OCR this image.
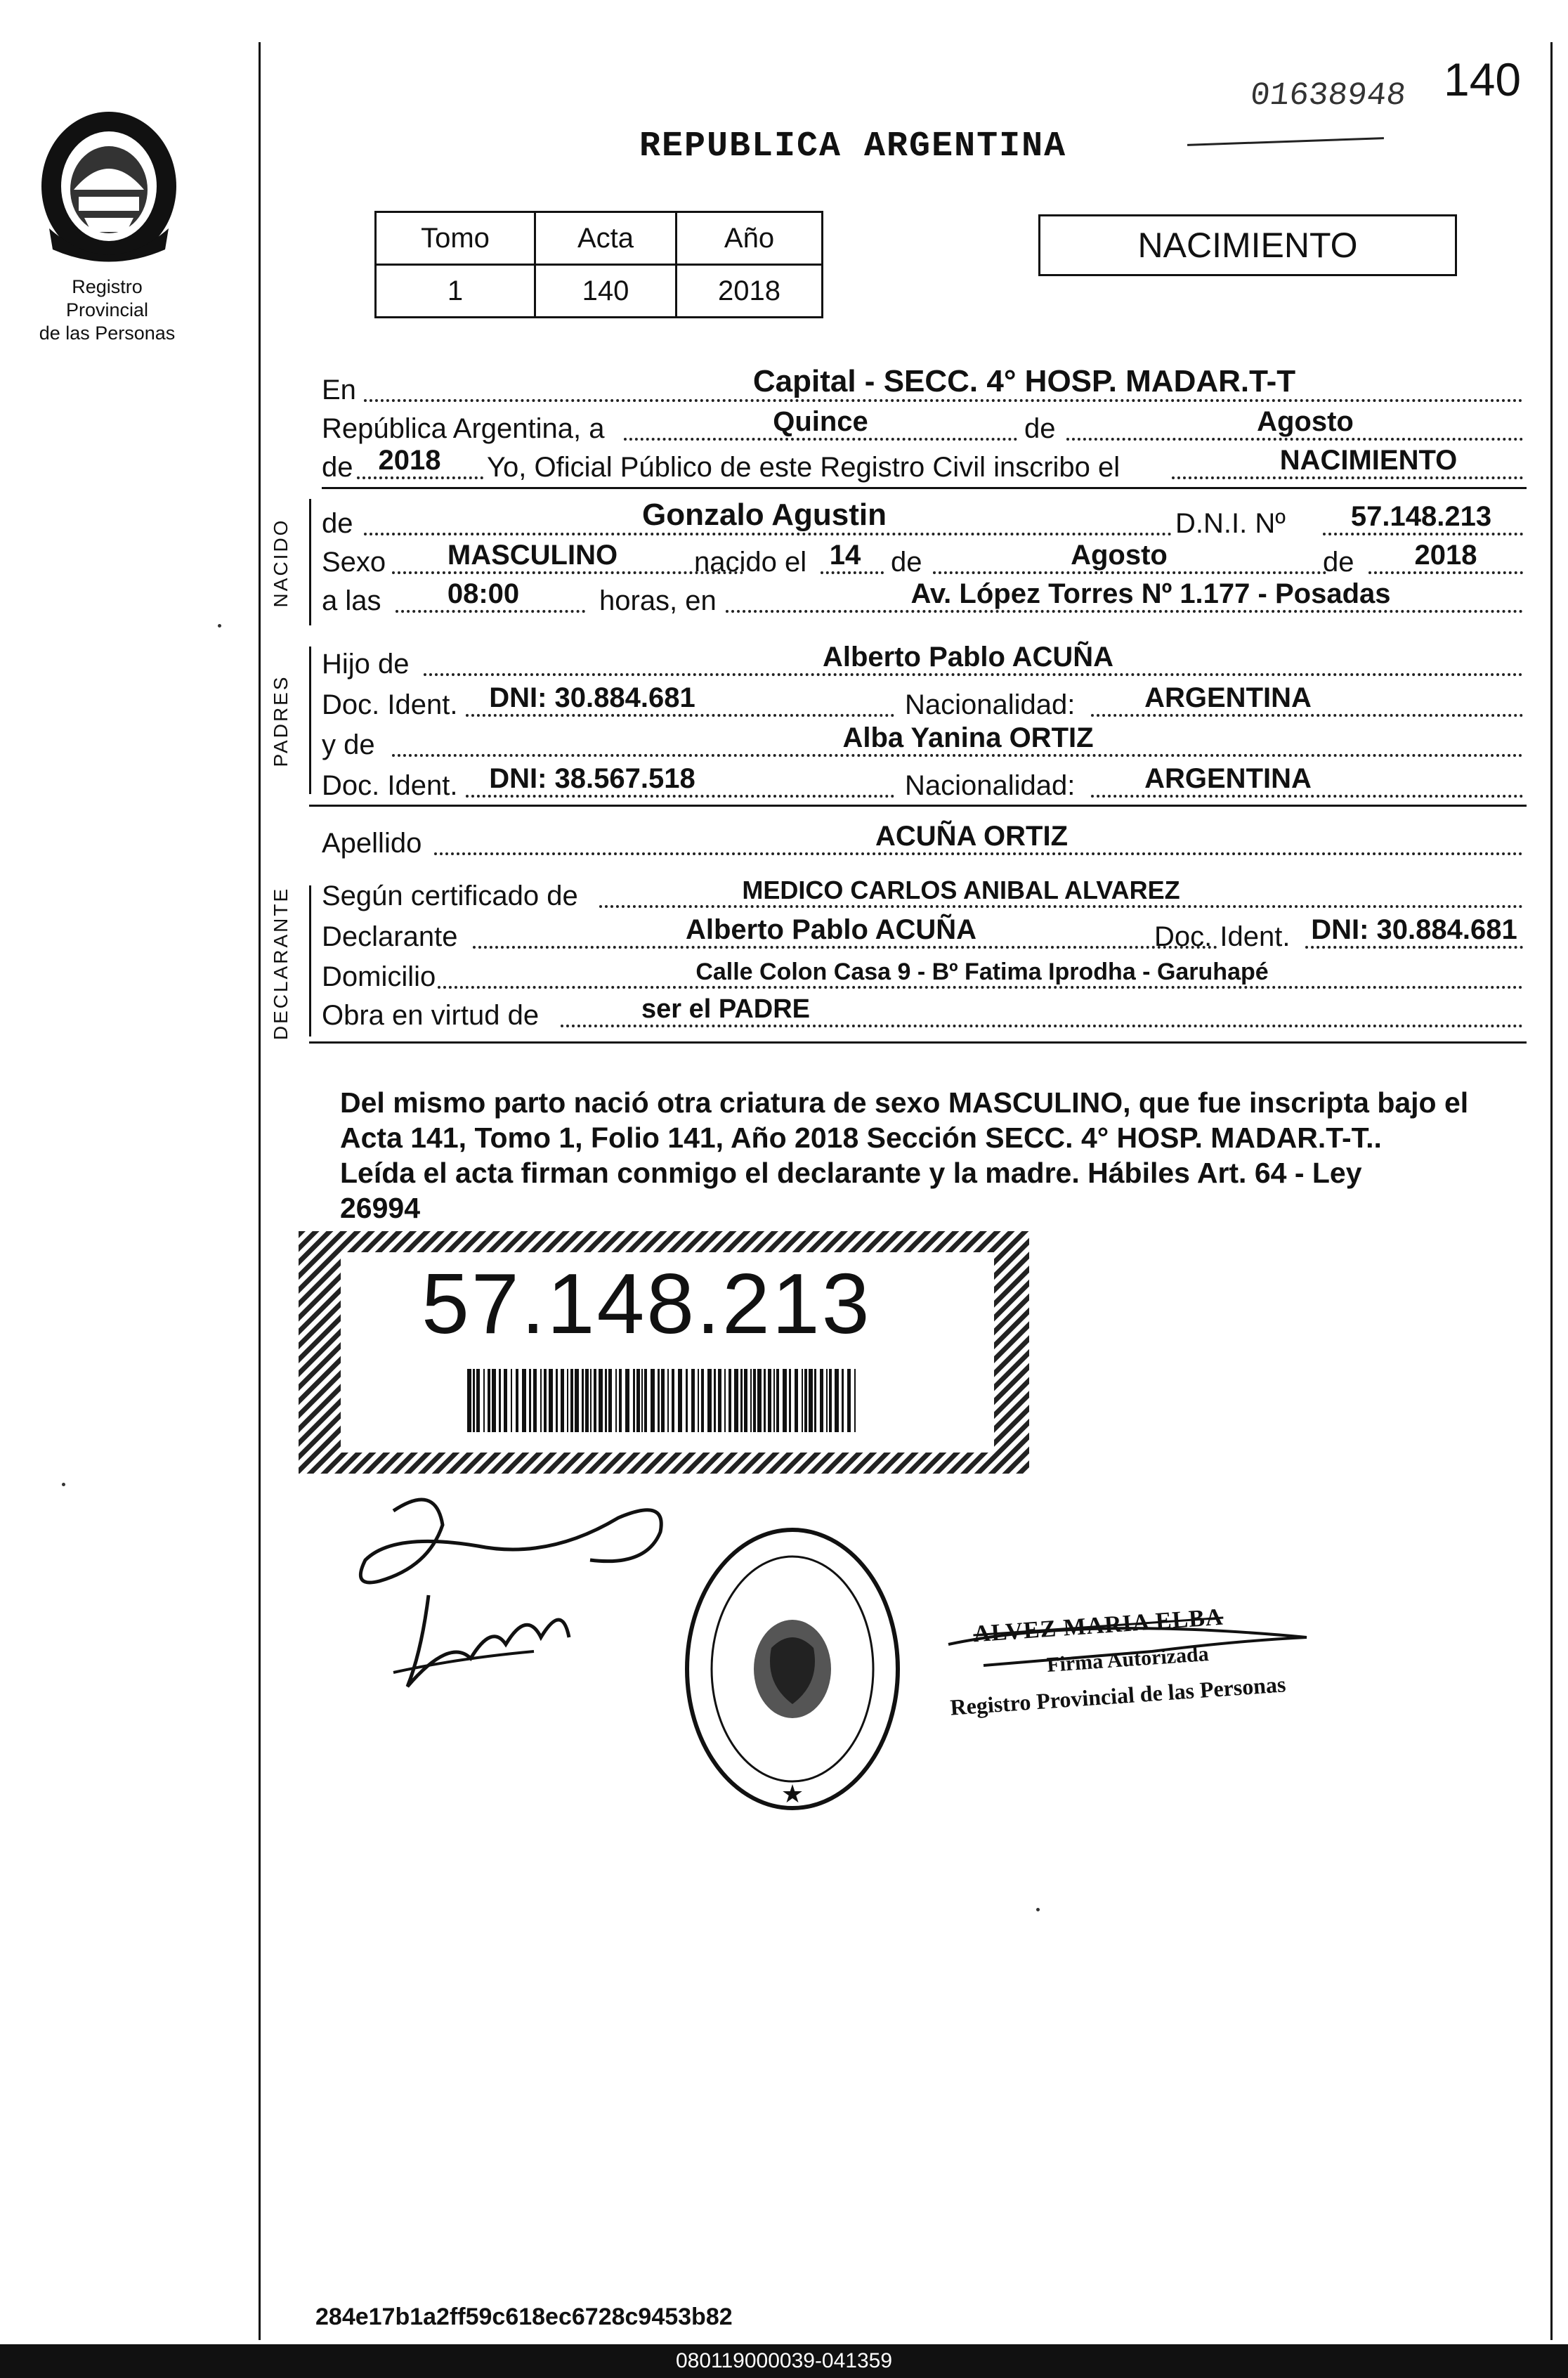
Registro Provincial
de las Personas
REPUBLICA ARGENTINA
140
01638948
Tomo	Acta	Año
1	140	2018
NACIMIENTO
En	Capital - SECC. 4° HOSP. MADAR.T-T
República Argentina, a	Quince	de	Agosto
de 2018	Yo, Oficial Público de este Registro Civil inscribo el	NACIMIENTO
NACIDO de	Gonzalo Agustin	D.N.I. Nº	57.148.213
Sexo	MASCULINO	nacido el 14	de	Agosto	de	2018
a las	08:00	horas, en	Av. López Torres Nº 1.177 - Posadas
PADRES
Hijo de	Alberto Pablo ACUÑA
Doc. Ident.	DNI: 30.884.681	Nacionalidad:	ARGENTINA
y de	Alba Yanina ORTIZ
Doc. Ident.	DNI: 38.567.518	Nacionalidad:	ARGENTINA
Apellido	ACUÑA ORTIZ
DECLARANTE Según certificado de	MEDICO CARLOS ANIBAL ALVAREZ
Declarante	Alberto Pablo ACUÑA	Doc. Ident. DNI: 30.884.681
Domicilio	Calle Colon Casa 9 - Bº Fatima Iprodha - Garuhapé
Obra en virtud de	ser el PADRE
Del mismo parto nació otra criatura de sexo MASCULINO, que fue inscripta bajo el
Acta 141, Tomo 1, Folio 141, Año 2018 Sección SECC. 4° HOSP. MADAR.T-T..
Leída el acta firman conmigo el declarante y la madre. Hábiles Art. 64 - Ley
26994
57.148.213
★
ALVEZ MARIA ELBA
Firma Autorizada
Registro Provincial de las Personas
284e17b1a2ff59c618ec6728c9453b82
080119000039-041359
